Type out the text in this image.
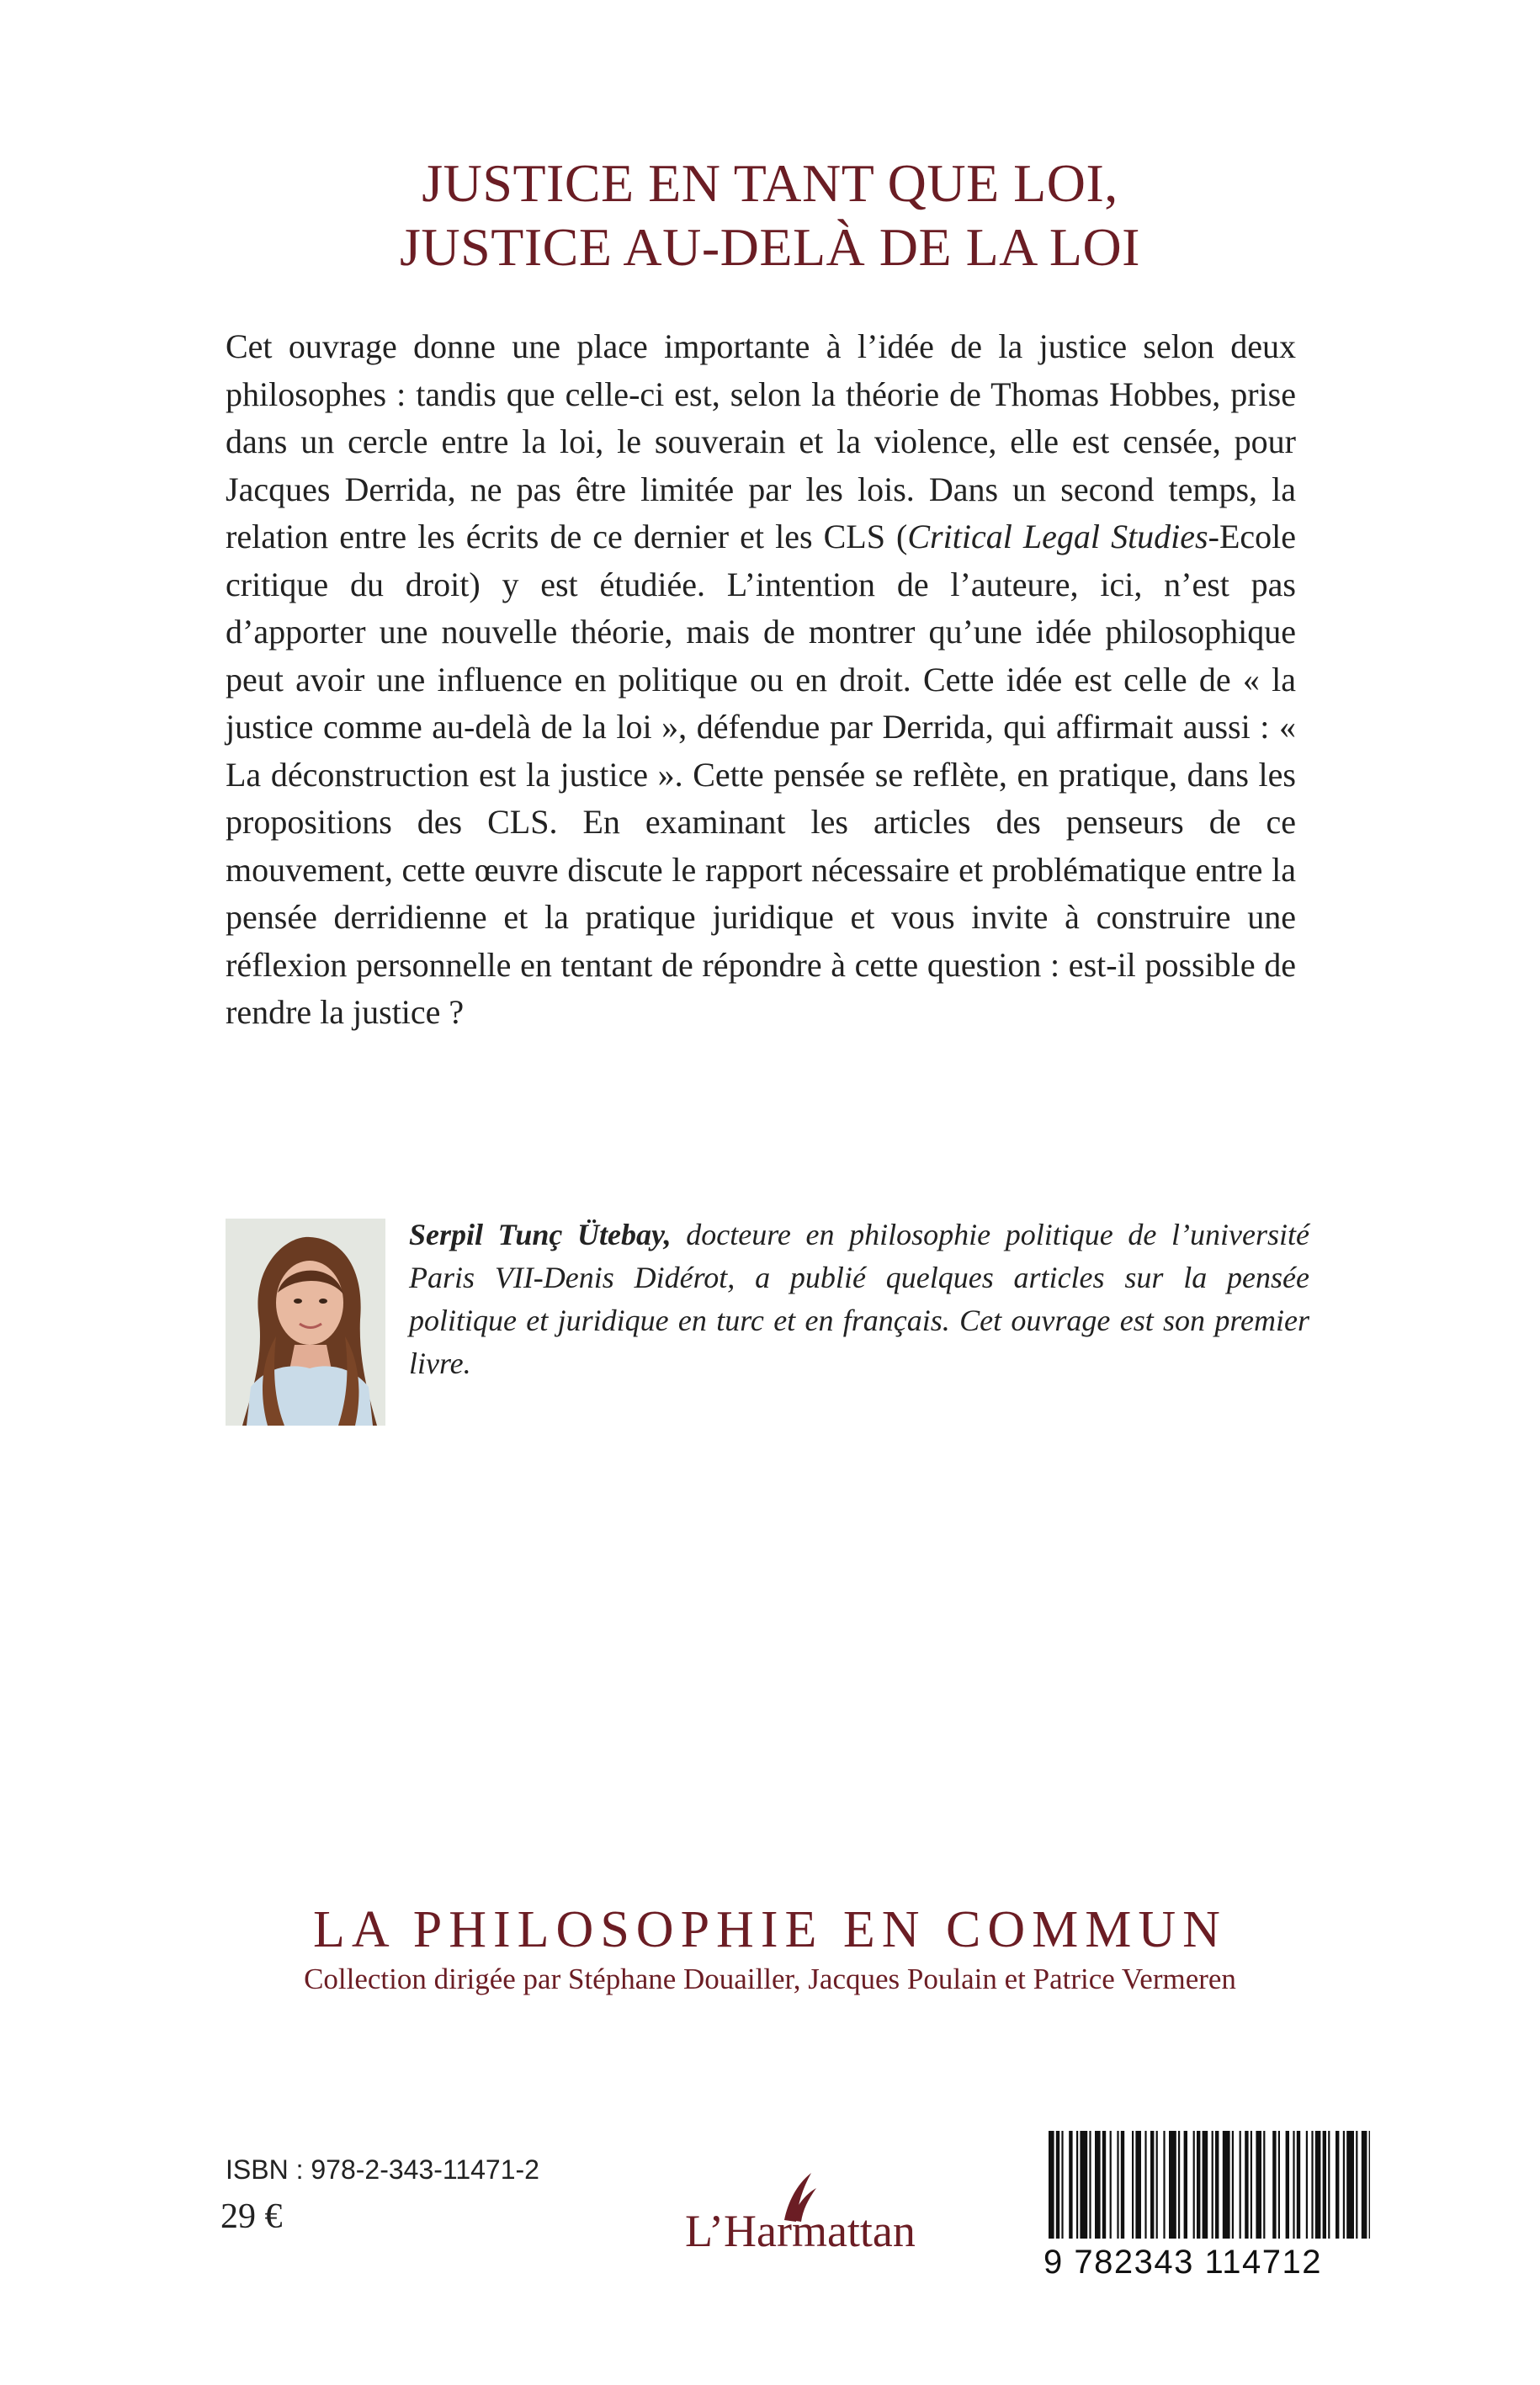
JUSTICE EN TANT QUE LOI,
JUSTICE AU-DELÀ DE LA LOI

Cet ouvrage donne une place importante à l’idée de la justice selon deux philosophes : tandis que celle-ci est, selon la théorie de Thomas Hobbes, prise dans un cercle entre la loi, le souverain et la violence, elle est censée, pour Jacques Derrida, ne pas être limitée par les lois. Dans un second temps, la relation entre les écrits de ce dernier et les CLS (Critical Legal Studies-Ecole critique du droit) y est étudiée. L’intention de l’auteure, ici, n’est pas d’apporter une nouvelle théorie, mais de montrer qu’une idée philosophique peut avoir une influence en politique ou en droit. Cette idée est celle de « la justice comme au-delà de la loi », défendue par Derrida, qui affirmait aussi : « La déconstruction est la justice ». Cette pensée se reflète, en pratique, dans les propositions des CLS. En examinant les articles des penseurs de ce mouvement, cette œuvre discute le rapport nécessaire et problématique entre la pensée derridienne et la pratique juridique et vous invite à construire une réflexion personnelle en tentant de répondre à cette question : est-il possible de rendre la justice ?

Serpil Tunç Ütebay, docteure en philosophie politique de l’université Paris VII-Denis Didérot, a publié quelques articles sur la pensée politique et juridique en turc et en français. Cet ouvrage est son premier livre.
LA PHILOSOPHIE EN COMMUN
Collection dirigée par Stéphane Douailler, Jacques Poulain et Patrice Vermeren
ISBN : 978-2-343-11471-2
29 €	L’Harmattan
9 782343 114712
